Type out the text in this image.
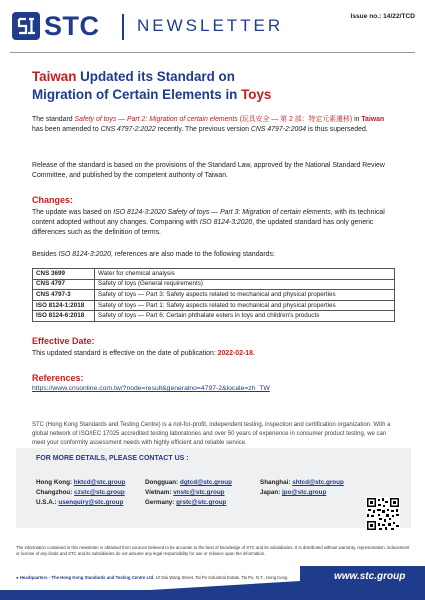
STC NEWSLETTER	Issue no.: 14/22/TCD
Taiwan Updated its Standard on
Migration of Certain Elements in Toys
The standard Safety of toys — Part 2: Migration of certain elements (玩具安全 — 第 2 部：特定元素遷移) in Taiwan has been amended to CNS 4797-2:2022 recently. The previous version CNS 4797-2:2004 is thus superseded.
Release of the standard is based on the provisions of the Standard Law, approved by the National Standard Review Committee, and published by the competent authority of Taiwan.
Changes:
The update was based on ISO 8124-3:2020 Safety of toys — Part 3: Migration of certain elements, with its technical content adopted without any changes. Comparing with ISO 8124-3:2020, the updated standard has only generic differences such as the definition of terms.
Besides ISO 8124-3:2020, references are also made to the following standards:
CNS 3699	Water for chemical analysis
CNS 4797	Safety of toys (General requirements)
CNS 4797-3	Safety of toys — Part 3: Safety aspects related to mechanical and physical properties
ISO 8124-1:2018	Safety of toys — Part 1: Safety aspects related to mechanical and physical properties
ISO 8124-6:2018	Safety of toys — Part 6: Certain phthalate esters in toys and children's products
Effective Date:
This updated standard is effective on the date of publication: 2022-02-18.
References:
https://www.cnsonline.com.tw/?node=result&generalno=4797-2&locale=zh_TW
STC (Hong Kong Standards and Testing Centre) is a not-for-profit, independent testing, inspection and certification organization. With a global network of ISO/IEC 17025 accredited testing laboratories and over 50 years of experience in consumer product testing, we can meet your conformity assessment needs with highly efficient and reliable service.
FOR MORE DETAILS, PLEASE CONTACT US :
Hong Kong: hktcd@stc.group	Dongguan: dgtcd@stc.group	Shanghai: shtcd@stc.group
Changzhou: czstc@stc.group	Vietnam: vnstc@stc.group	Japan: jpo@stc.group
U.S.A.: usenquiry@stc.group	Germany: grstc@stc.group
The information contained in this newsletter is obtained from sources believed to be accurate to the best of knowledge of STC and its subsidiaries. It is distributed without warranty, representation, inducement or license of any kinds and STC and its subsidiaries do not assume any legal responsibility for use or reliance upon the information.
● Headquarters - The Hong Kong Standards and Testing Centre Ltd. 10 Dai Wang Street, Tai Po Industrial Estate, Tai Po, N.T., Hong Kong	www.stc.group
